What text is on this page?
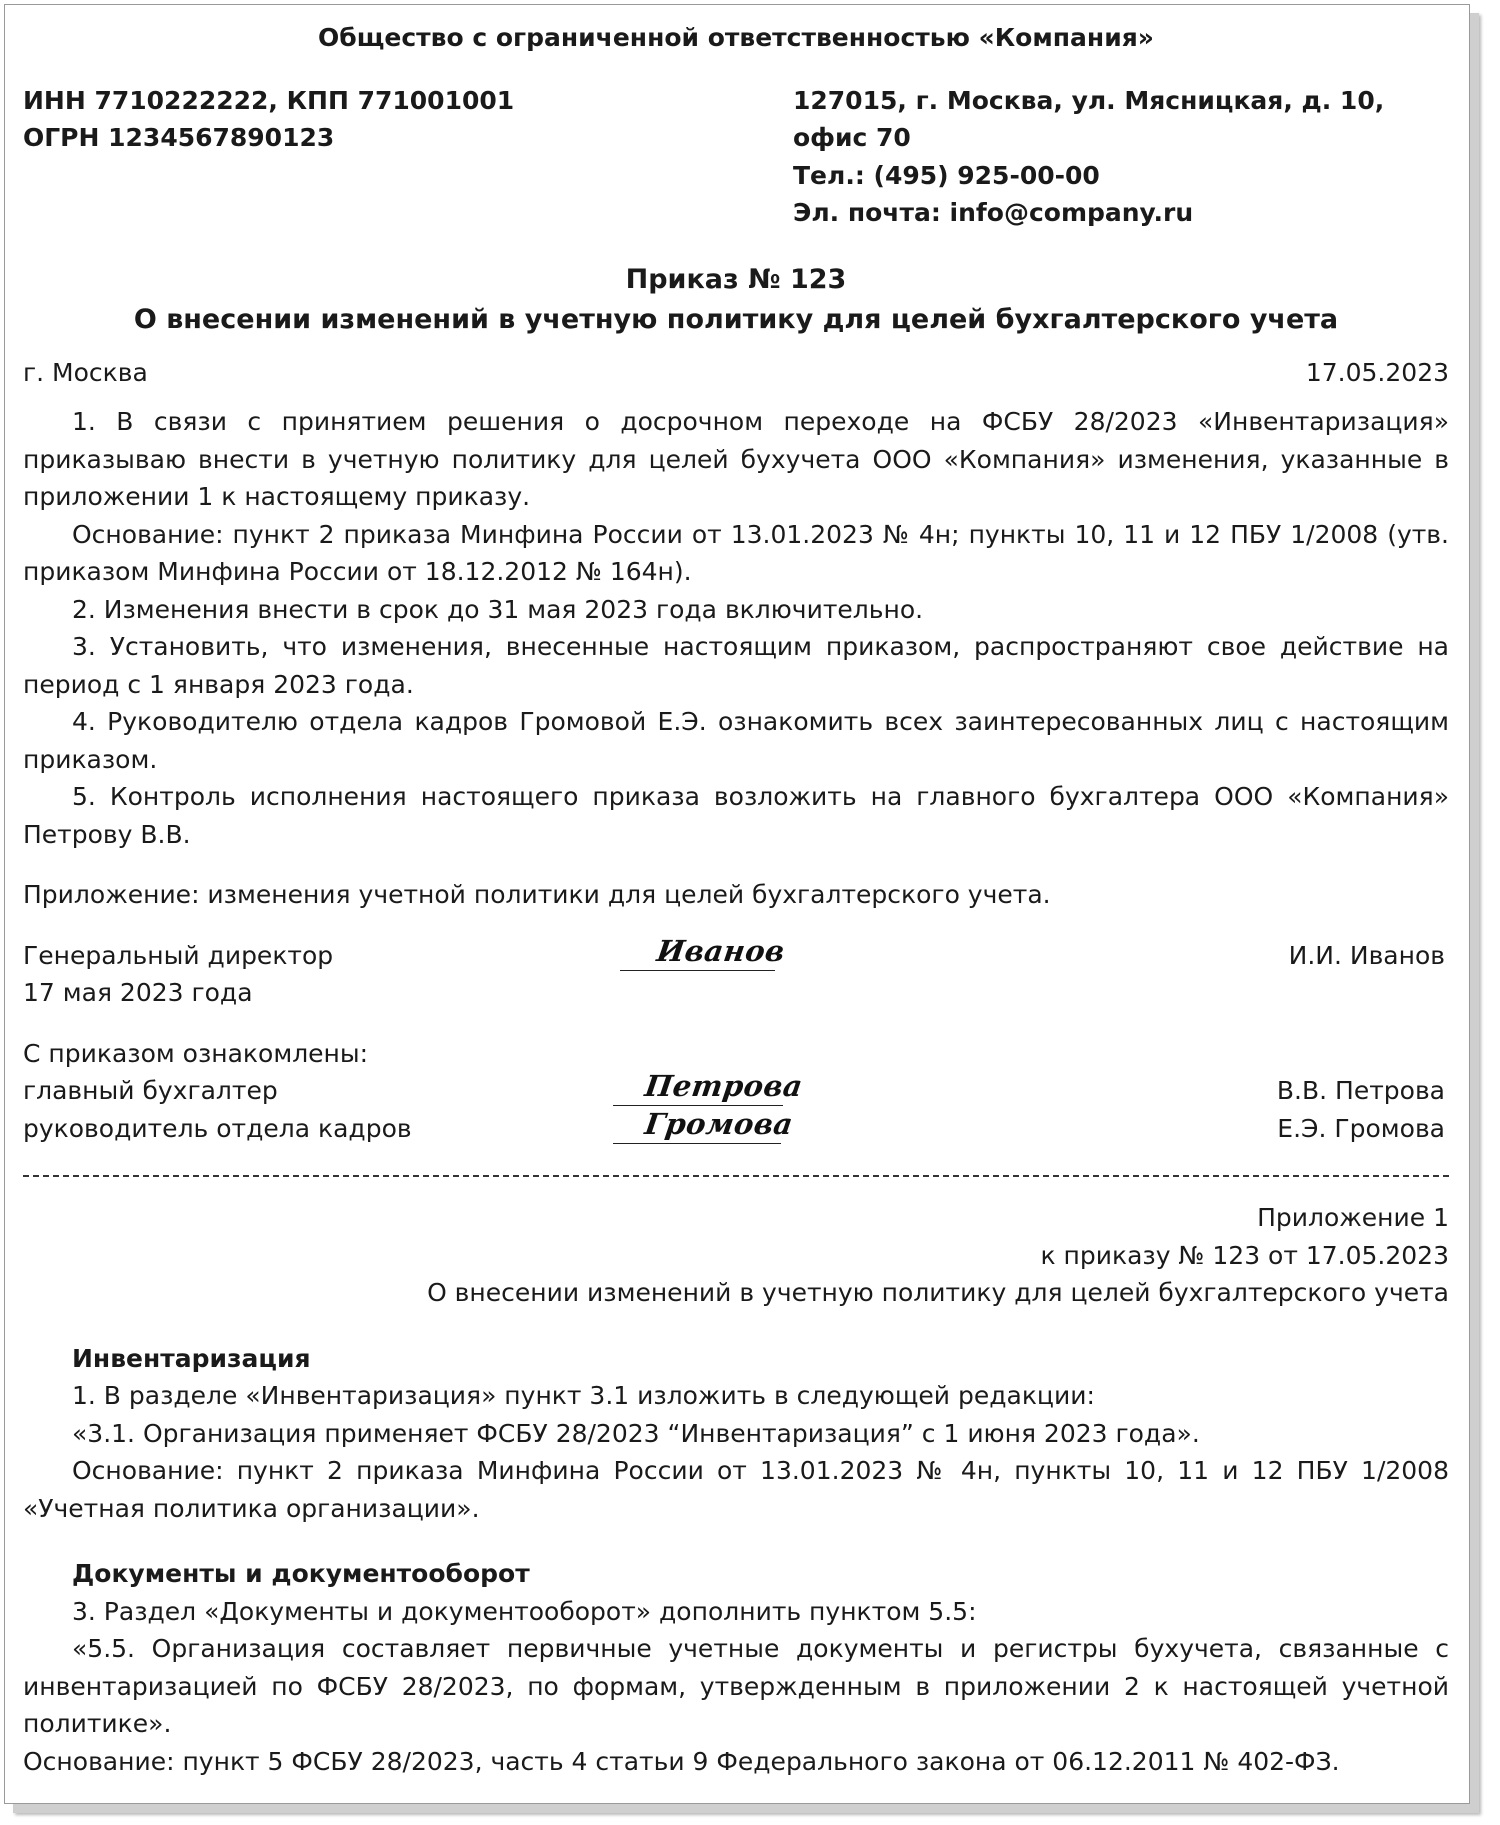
Общество с ограниченной ответственностью «Компания»

ИНН 7710222222, КПП 771001001

ОГРН 1234567890123

127015, г. Москва, ул. Мясницкая, д. 10, офис 70

Тел.: (495) 925-00-00

Эл. почта: info@company.ru

Приказ № 123

О внесении изменений в учетную политику для целей бухгалтерского учета

г. Москва	17.05.2023

1. В связи с принятием решения о досрочном переходе на ФСБУ 28/2023 «Инвентаризация» приказываю внести в учетную политику для целей бухучета ООО «Компания» изменения, указанные в приложении 1 к настоящему приказу.

Основание: пункт 2 приказа Минфина России от 13.01.2023 № 4н; пункты 10, 11 и 12 ПБУ 1/2008 (утв. приказом Минфина России от 18.12.2012 № 164н).

2. Изменения внести в срок до 31 мая 2023 года включительно.

3. Установить, что изменения, внесенные настоящим приказом, распространяют свое действие на период с 1 января 2023 года.

4. Руководителю отдела кадров Громовой Е.Э. ознакомить всех заинтересованных лиц с настоящим приказом.

5. Контроль исполнения настоящего приказа возложить на главного бухгалтера ООО «Компания» Петрову В.В.

Приложение: изменения учетной политики для целей бухгалтерского учета.

Генеральный директор	Иванов	И.И. Иванов

17 мая 2023 года

С приказом ознакомлены:

главный бухгалтер	Петрова	В.В. Петрова
руководитель отдела кадров	Громова	Е.Э. Громова

Приложение 1

к приказу № 123 от 17.05.2023

О внесении изменений в учетную политику для целей бухгалтерского учета

Инвентаризация

1. В разделе «Инвентаризация» пункт 3.1 изложить в следующей редакции:

«3.1. Организация применяет ФСБУ 28/2023 “Инвентаризация” с 1 июня 2023 года».

Основание: пункт 2 приказа Минфина России от 13.01.2023 № 4н, пункты 10, 11 и 12 ПБУ 1/2008 «Учетная политика организации».

Документы и документооборот

3. Раздел «Документы и документооборот» дополнить пунктом 5.5:

«5.5. Организация составляет первичные учетные документы и регистры бухучета, связанные с инвентаризацией по ФСБУ 28/2023, по формам, утвержденным в приложении 2 к настоящей учетной политике».

Основание: пункт 5 ФСБУ 28/2023, часть 4 статьи 9 Федерального закона от 06.12.2011 № 402-ФЗ.
